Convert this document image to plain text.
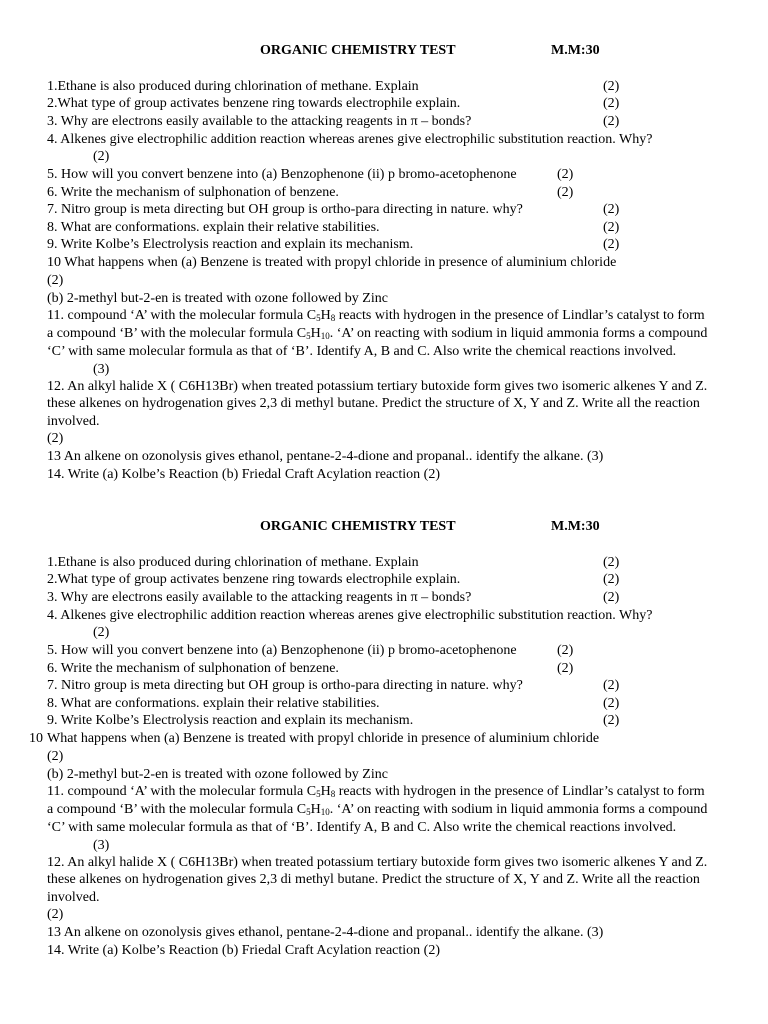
ORGANIC CHEMISTRY TEST	M.M:30
1.Ethane is also produced during chlorination of methane. Explain	(2)
2.What type of group activates benzene ring towards electrophile explain.	(2)
3. Why are electrons easily available to the attacking reagents in π – bonds?	(2)
4. Alkenes give electrophilic addition reaction whereas arenes give electrophilic substitution reaction. Why?
(2)
5. How will you convert benzene into (a) Benzophenone (ii) p bromo-acetophenone	(2)
6. Write the mechanism of sulphonation of benzene.	(2)
7. Nitro group is meta directing but OH group is ortho-para directing in nature. why?	(2)
8. What are conformations. explain their relative stabilities.	(2)
9. Write Kolbe’s Electrolysis reaction and explain its mechanism.	(2)
10 What happens when (a) Benzene is treated with propyl chloride in presence of aluminium chloride
(2)
(b) 2-methyl but-2-en is treated with ozone followed by Zinc
11. compound ‘A’ with the molecular formula $C_5H_8$ reacts with hydrogen in the presence of Lindlar’s catalyst to form
a compound ‘B’ with the molecular formula $C_5H_{10}$. ‘A’ on reacting with sodium in liquid ammonia forms a compound
‘C’ with same molecular formula as that of ‘B’. Identify A, B and C. Also write the chemical reactions involved.
(3)
12. An alkyl halide X ( C6H13Br) when treated potassium tertiary butoxide form gives two isomeric alkenes Y and Z.
these alkenes on hydrogenation gives 2,3 di methyl butane. Predict the structure of X, Y and Z. Write all the reaction
involved.
(2)
13 An alkene on ozonolysis gives ethanol, pentane-2-4-dione and propanal.. identify the alkane. (3)
14. Write (a) Kolbe’s Reaction (b) Friedal Craft Acylation reaction (2)
ORGANIC CHEMISTRY TEST	M.M:30
1.Ethane is also produced during chlorination of methane. Explain	(2)
2.What type of group activates benzene ring towards electrophile explain.	(2)
3. Why are electrons easily available to the attacking reagents in π – bonds?	(2)
4. Alkenes give electrophilic addition reaction whereas arenes give electrophilic substitution reaction. Why?
(2)
5. How will you convert benzene into (a) Benzophenone (ii) p bromo-acetophenone	(2)
6. Write the mechanism of sulphonation of benzene.	(2)
7. Nitro group is meta directing but OH group is ortho-para directing in nature. why?	(2)
8. What are conformations. explain their relative stabilities.	(2)
9. Write Kolbe’s Electrolysis reaction and explain its mechanism.	(2)
10 What happens when (a) Benzene is treated with propyl chloride in presence of aluminium chloride
(2)
(b) 2-methyl but-2-en is treated with ozone followed by Zinc
11. compound ‘A’ with the molecular formula $C_5H_8$ reacts with hydrogen in the presence of Lindlar’s catalyst to form
a compound ‘B’ with the molecular formula $C_5H_{10}$. ‘A’ on reacting with sodium in liquid ammonia forms a compound
‘C’ with same molecular formula as that of ‘B’. Identify A, B and C. Also write the chemical reactions involved.
(3)
12. An alkyl halide X ( C6H13Br) when treated potassium tertiary butoxide form gives two isomeric alkenes Y and Z.
these alkenes on hydrogenation gives 2,3 di methyl butane. Predict the structure of X, Y and Z. Write all the reaction
involved.
(2)
13 An alkene on ozonolysis gives ethanol, pentane-2-4-dione and propanal.. identify the alkane. (3)
14. Write (a) Kolbe’s Reaction (b) Friedal Craft Acylation reaction (2)
